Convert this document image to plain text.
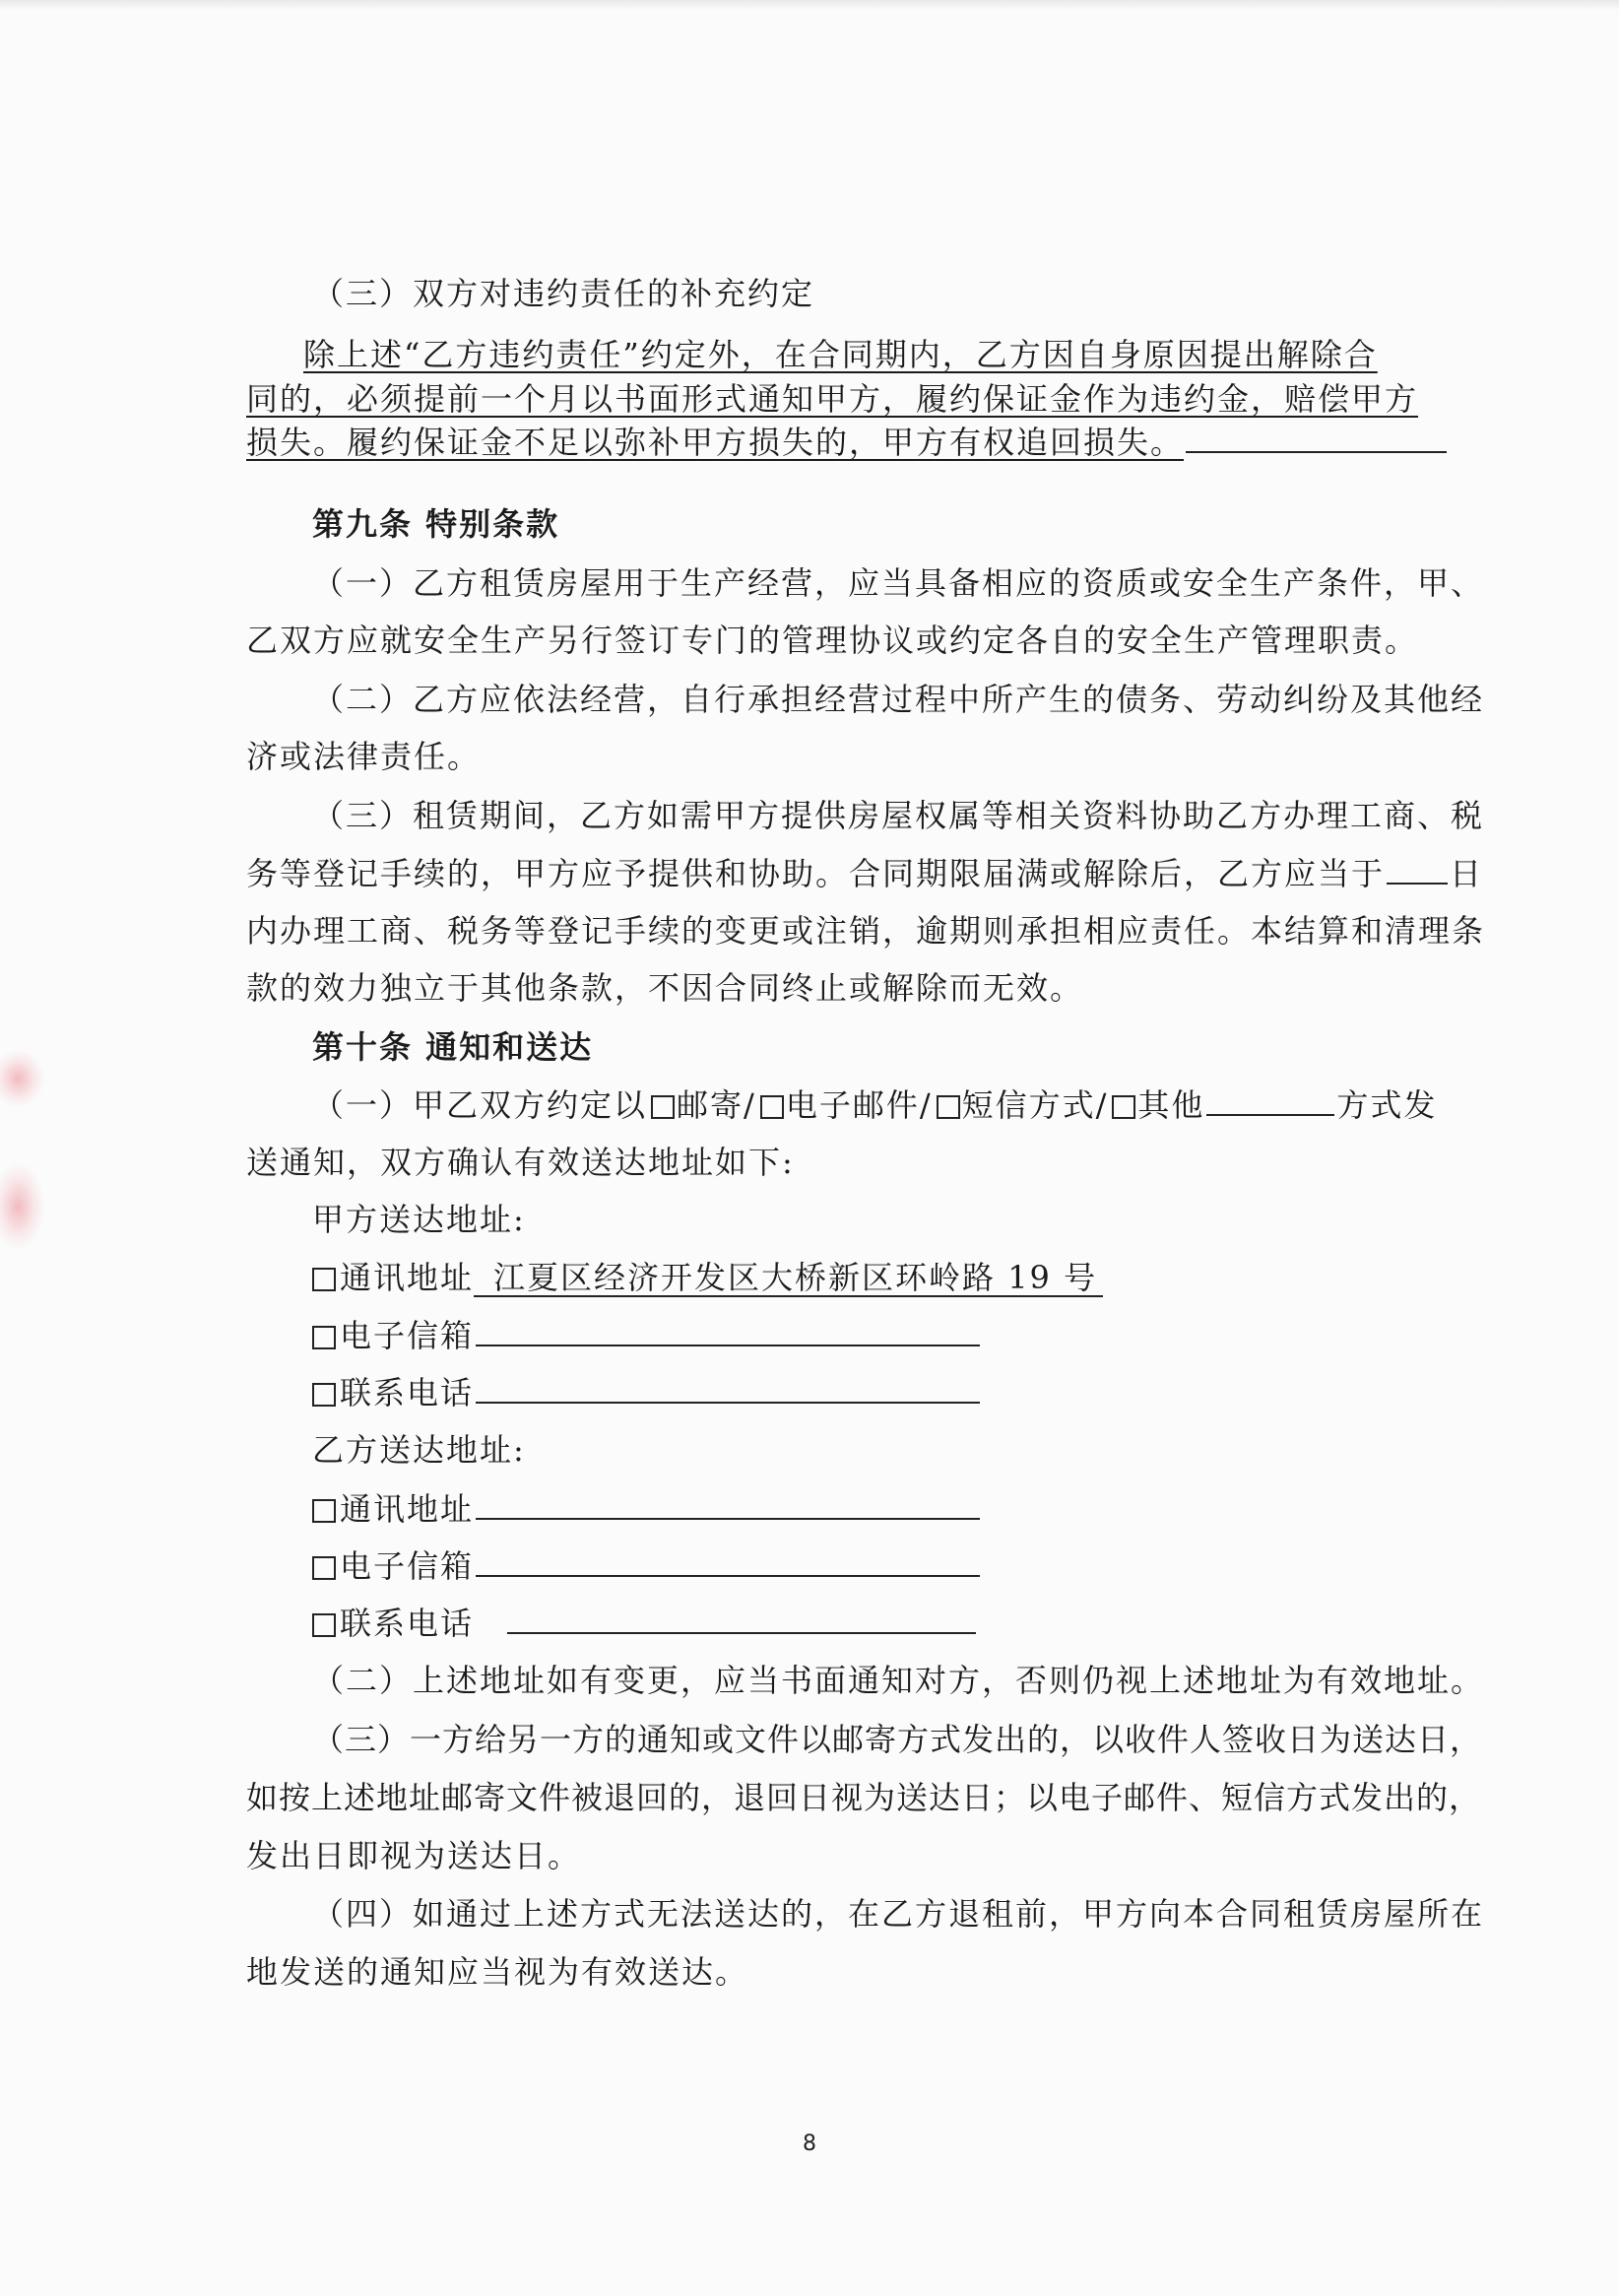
（三）双方对违约责任的补充约定
除上述“乙方违约责任”约定外，在合同期内，乙方因自身原因提出解除合
同的，必须提前一个月以书面形式通知甲方，履约保证金作为违约金，赔偿甲方
损失。履约保证金不足以弥补甲方损失的，甲方有权追回损失。
第九条 特别条款
（一）乙方租赁房屋用于生产经营，应当具备相应的资质或安全生产条件，甲、
乙双方应就安全生产另行签订专门的管理协议或约定各自的安全生产管理职责。
（二）乙方应依法经营，自行承担经营过程中所产生的债务、劳动纠纷及其他经
济或法律责任。
（三）租赁期间，乙方如需甲方提供房屋权属等相关资料协助乙方办理工商、税
务等登记手续的，甲方应予提供和协助。合同期限届满或解除后，乙方应当于 日
内办理工商、税务等登记手续的变更或注销，逾期则承担相应责任。本结算和清理条
款的效力独立于其他条款，不因合同终止或解除而无效。
第十条 通知和送达
（一）甲乙双方约定以 邮寄/ 电子邮件/ 短信方式/ 其他	方式发
送通知，双方确认有效送达地址如下:
甲方送达地址:
通讯地址 江夏区经济开发区大桥新区环岭路 19 号
电子信箱
联系电话
乙方送达地址:
通讯地址
电子信箱
联系电话
（二）上述地址如有变更，应当书面通知对方，否则仍视上述地址为有效地址。
（三）一方给另一方的通知或文件以邮寄方式发出的，以收件人签收日为送达日，
如按上述地址邮寄文件被退回的，退回日视为送达日；以电子邮件、短信方式发出的，
发出日即视为送达日。
（四）如通过上述方式无法送达的，在乙方退租前，甲方向本合同租赁房屋所在
地发送的通知应当视为有效送达。
8
